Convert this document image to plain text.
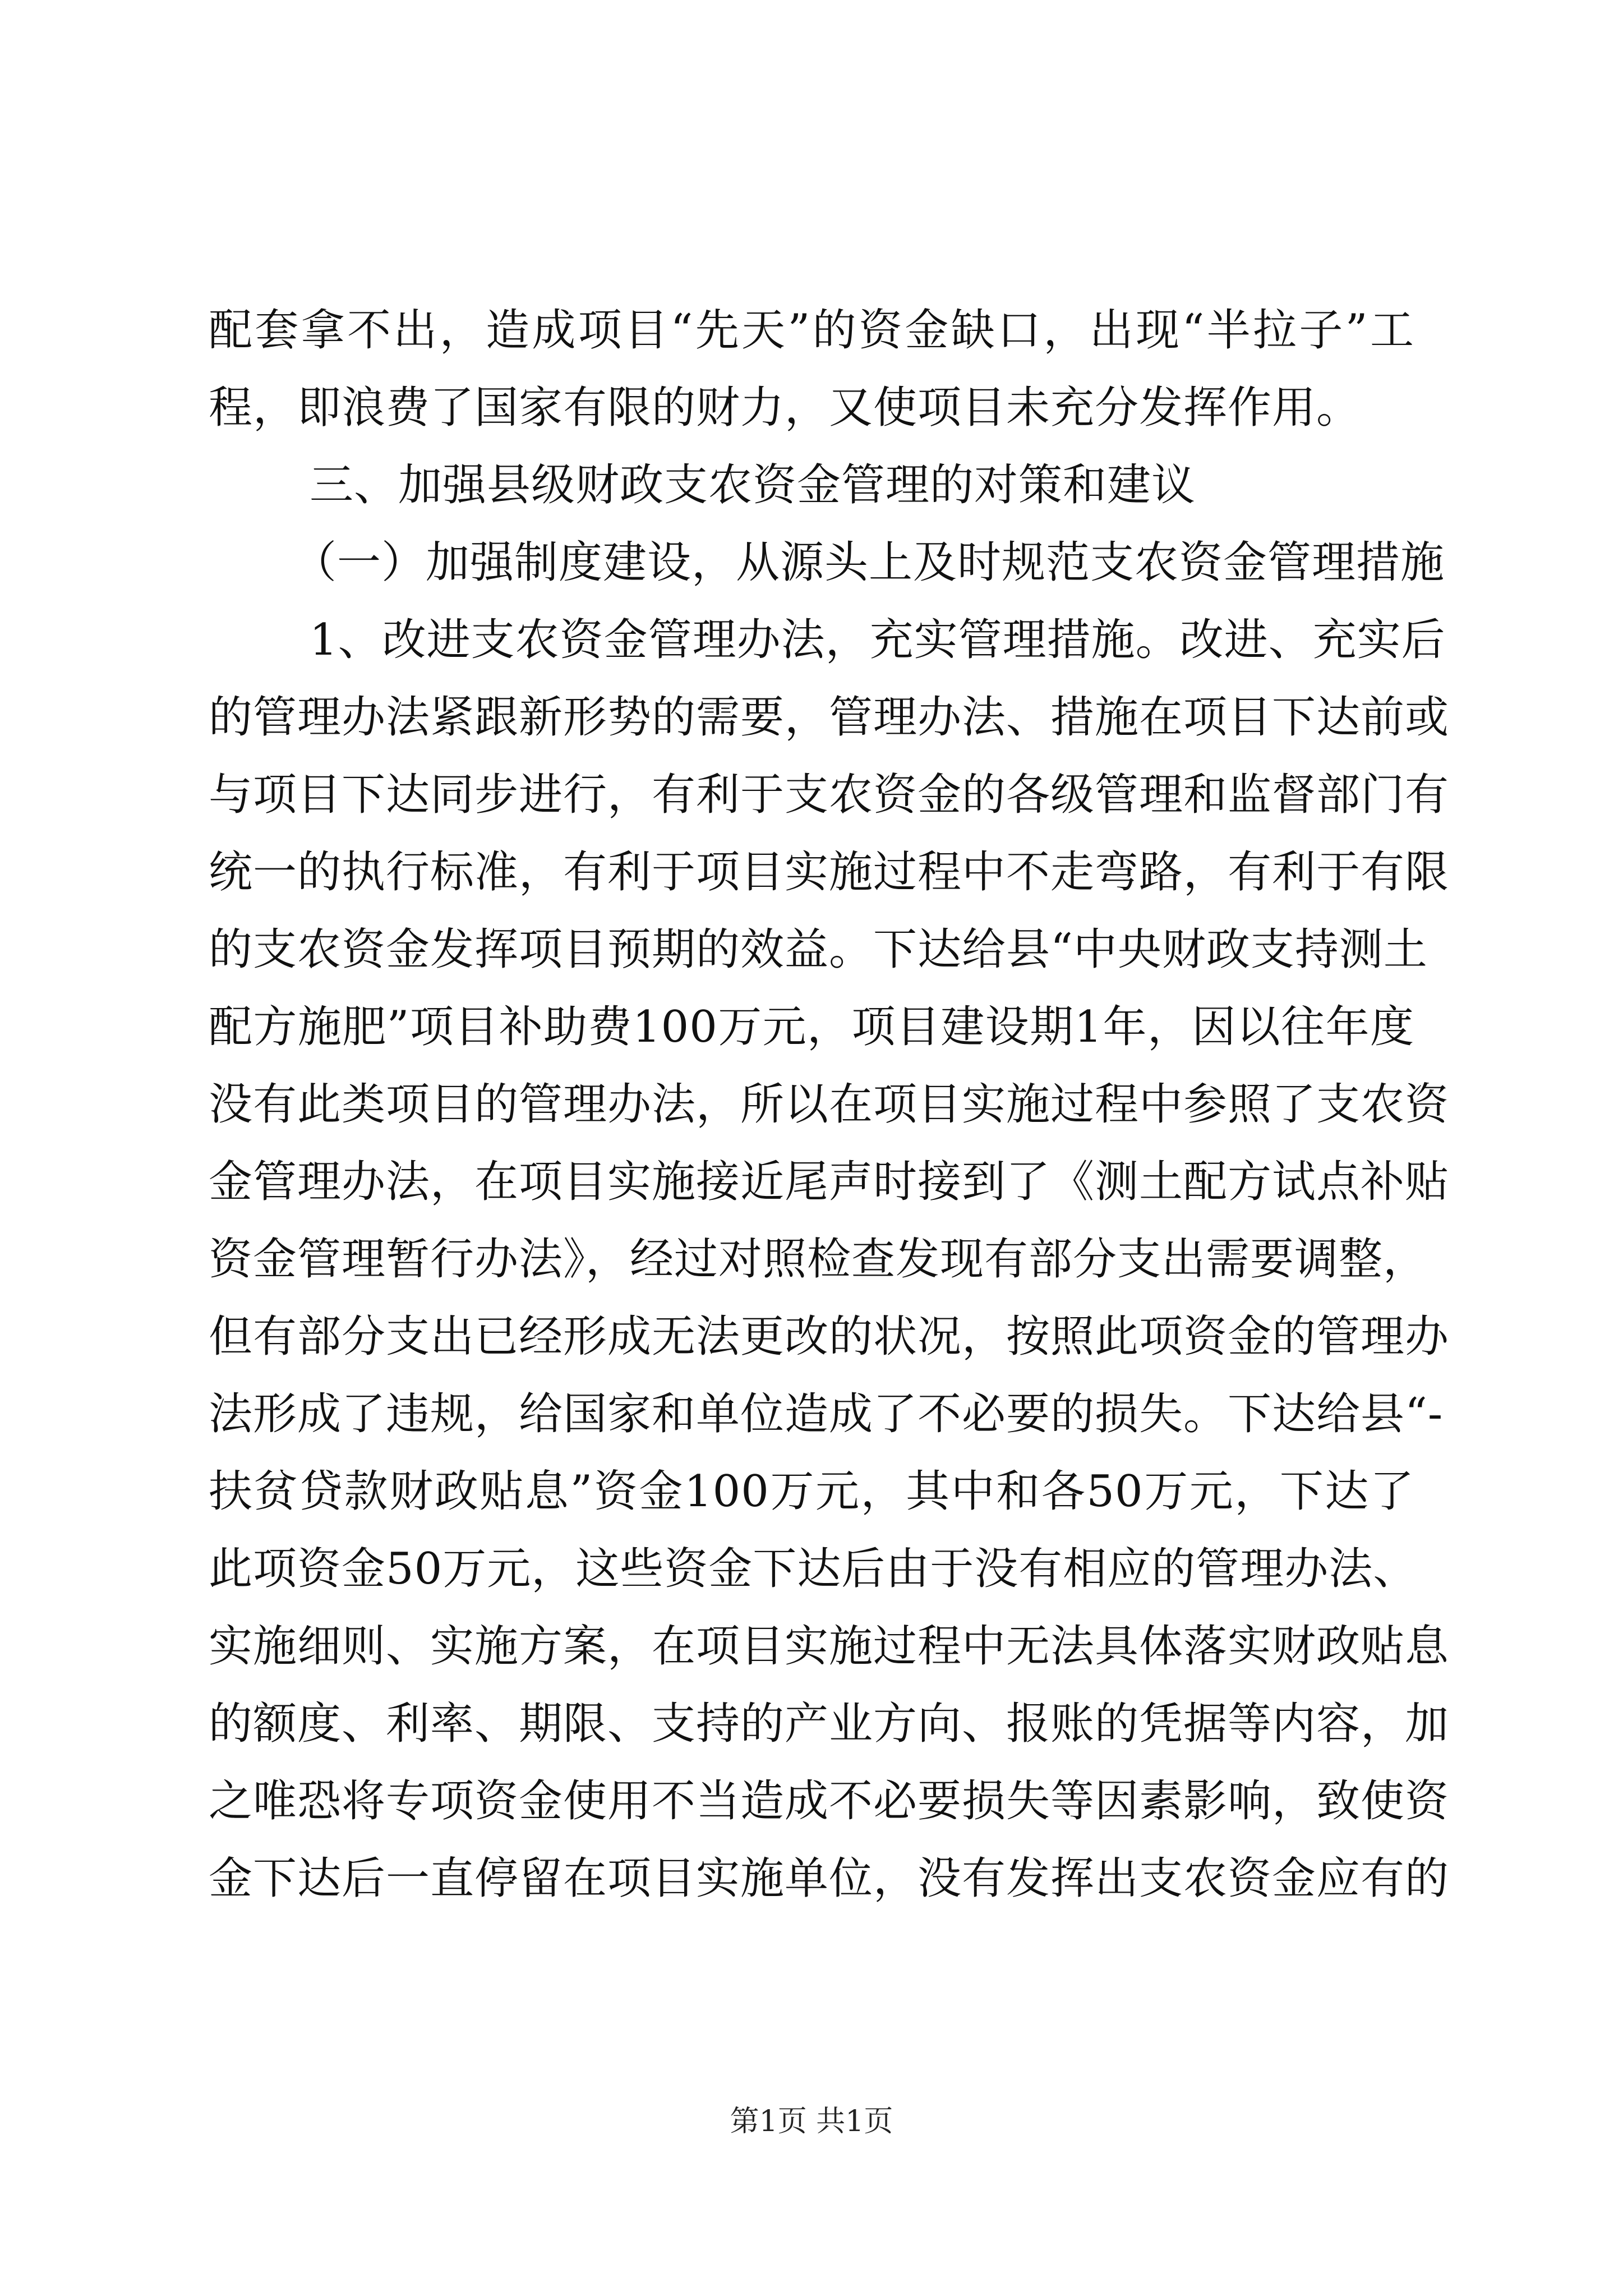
配套拿不出，造成项目“先天”的资金缺口，出现“半拉子”工
程，即浪费了国家有限的财力，又使项目未充分发挥作用。
三、加强县级财政支农资金管理的对策和建议
（一）加强制度建设，从源头上及时规范支农资金管理措施
1、改进支农资金管理办法，充实管理措施。改进、充实后
的管理办法紧跟新形势的需要，管理办法、措施在项目下达前或
与项目下达同步进行，有利于支农资金的各级管理和监督部门有
统一的执行标准，有利于项目实施过程中不走弯路，有利于有限
的支农资金发挥项目预期的效益。下达给县“中央财政支持测土
配方施肥”项目补助费100万元，项目建设期1年，因以往年度
没有此类项目的管理办法，所以在项目实施过程中参照了支农资
金管理办法，在项目实施接近尾声时接到了《测土配方试点补贴
资金管理暂行办法》，经过对照检查发现有部分支出需要调整，
但有部分支出已经形成无法更改的状况，按照此项资金的管理办
法形成了违规，给国家和单位造成了不必要的损失。下达给县“-
扶贫贷款财政贴息”资金100万元，其中和各50万元，下达了
此项资金50万元，这些资金下达后由于没有相应的管理办法、
实施细则、实施方案，在项目实施过程中无法具体落实财政贴息
的额度、利率、期限、支持的产业方向、报账的凭据等内容，加
之唯恐将专项资金使用不当造成不必要损失等因素影响，致使资
金下达后一直停留在项目实施单位，没有发挥出支农资金应有的
第1页 共1页
